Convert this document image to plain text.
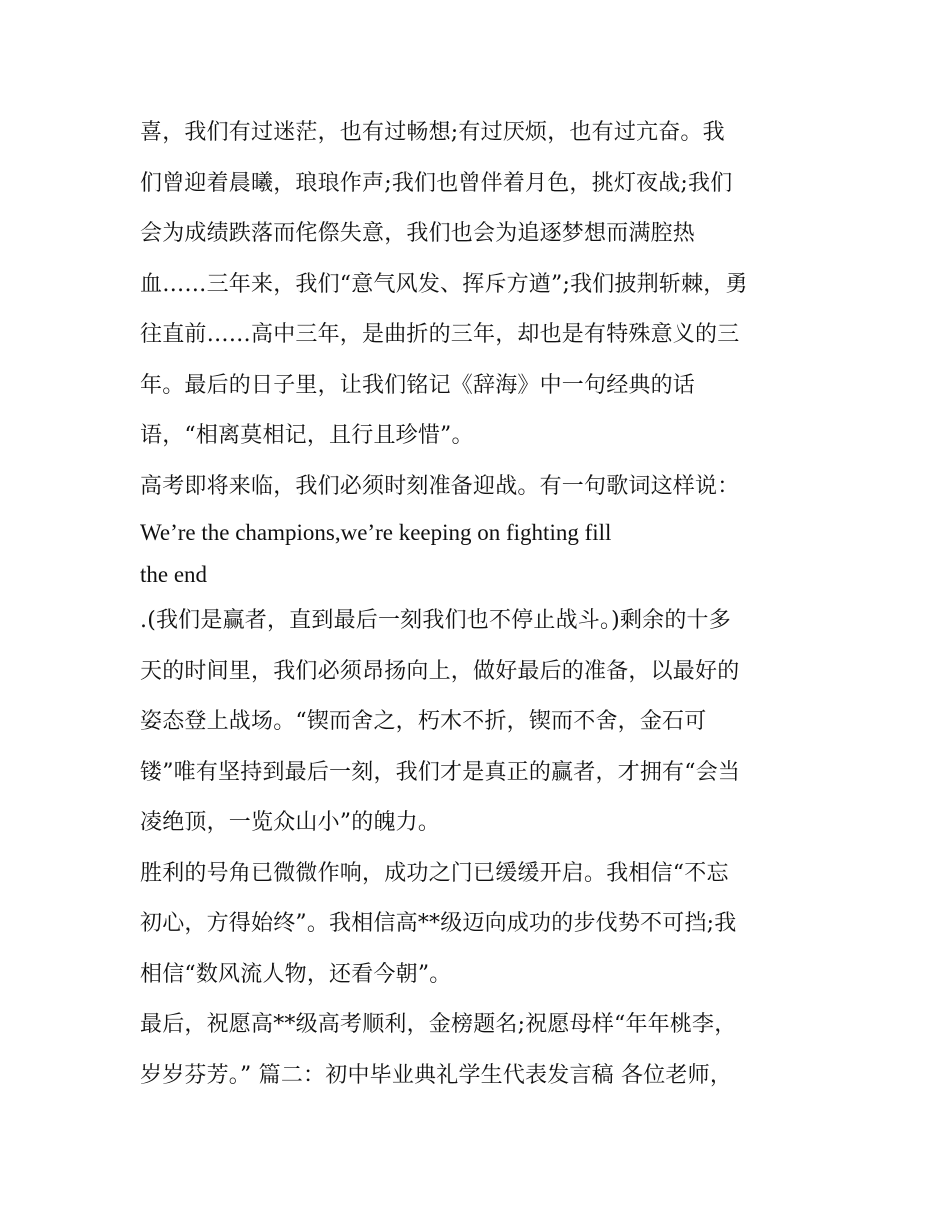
喜，我们有过迷茫，也有过畅想;有过厌烦，也有过亢奋。我
们曾迎着晨曦，琅琅作声;我们也曾伴着月色，挑灯夜战;我们
会为成绩跌落而侘傺失意，我们也会为追逐梦想而满腔热
血……三年来，我们“意气风发、挥斥方遒”;我们披荆斩棘，勇
往直前……高中三年，是曲折的三年，却也是有特殊意义的三
年。最后的日子里，让我们铭记《辞海》中一句经典的话
语，“相离莫相记，且行且珍惜”。
高考即将来临，我们必须时刻准备迎战。有一句歌词这样说：
We’re the champions,we’re keeping on fighting fill
the end
.(我们是赢者，直到最后一刻我们也不停止战斗。)剩余的十多
天的时间里，我们必须昂扬向上，做好最后的准备，以最好的
姿态登上战场。“锲而舍之，朽木不折，锲而不舍，金石可
镂”唯有坚持到最后一刻，我们才是真正的赢者，才拥有“会当
凌绝顶，一览众山小”的魄力。
胜利的号角已微微作响，成功之门已缓缓开启。我相信“不忘
初心，方得始终”。我相信高**级迈向成功的步伐势不可挡;我
相信“数风流人物，还看今朝”。
最后，祝愿高**级高考顺利，金榜题名;祝愿母样“年年桃李，
岁岁芬芳。” 篇二：初中毕业典礼学生代表发言稿 各位老师，
